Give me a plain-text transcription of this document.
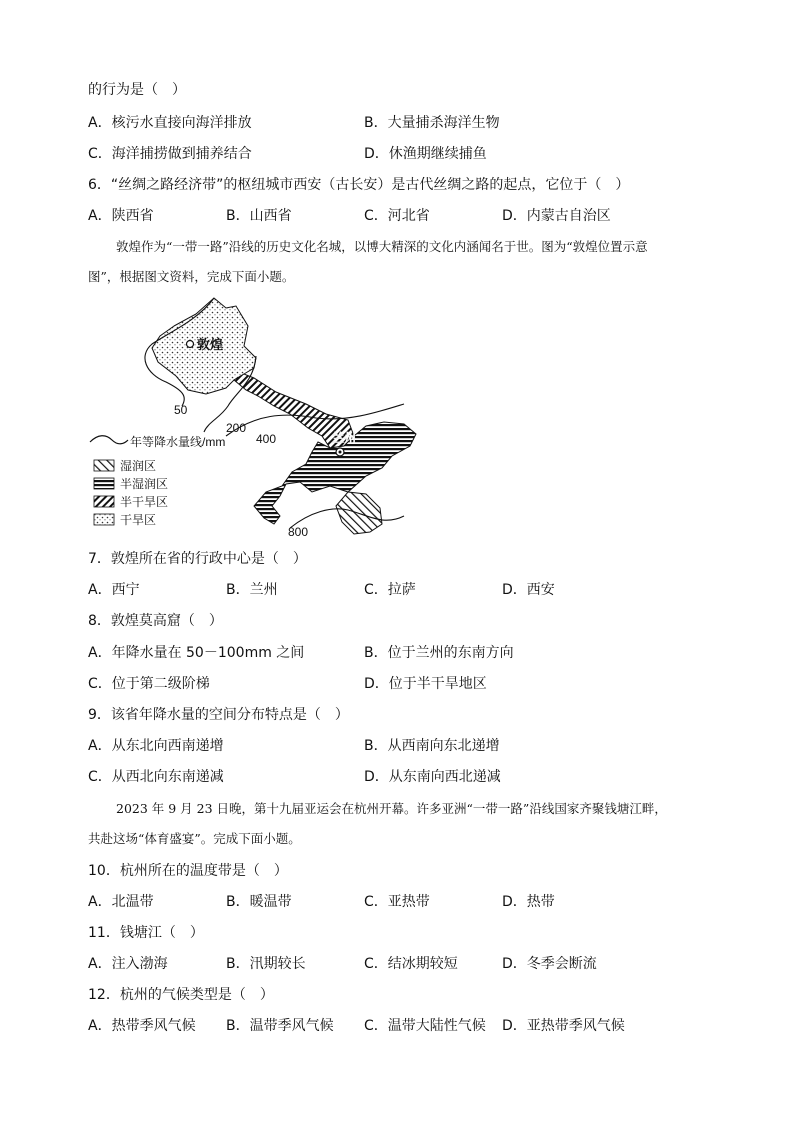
的行为是（　）
A．核污水直接向海洋排放	B．大量捕杀海洋生物
C．海洋捕捞做到捕养结合	D．休渔期继续捕鱼
6．“丝绸之路经济带”的枢纽城市西安（古长安）是古代丝绸之路的起点，它位于（　）
A．陕西省	B．山西省	C．河北省	D．内蒙古自治区
敦煌作为“一带一路”沿线的历史文化名城，以博大精深的文化内涵闻名于世。图为“敦煌位置示意
图”，根据图文资料，完成下面小题。
敦煌
兰州
50
200
400
800
年等降水量线/mm
湿润区
半湿润区
半干旱区
干旱区
7．敦煌所在省的行政中心是（　）
A．西宁	B．兰州	C．拉萨	D．西安
8．敦煌莫高窟（　）
A．年降水量在 50－100mm 之间	B．位于兰州的东南方向
C．位于第二级阶梯	D．位于半干旱地区
9．该省年降水量的空间分布特点是（　）
A．从东北向西南递增	B．从西南向东北递增
C．从西北向东南递减	D．从东南向西北递减
2023 年 9 月 23 日晚，第十九届亚运会在杭州开幕。许多亚洲“一带一路”沿线国家齐聚钱塘江畔，
共赴这场“体育盛宴”。完成下面小题。
10．杭州所在的温度带是（　）
A．北温带	B．暖温带	C．亚热带	D．热带
11．钱塘江（　）
A．注入渤海	B．汛期较长	C．结冰期较短	D．冬季会断流
12．杭州的气候类型是（　）
A．热带季风气候 B．温带季风气候 C．温带大陆性气候 D．亚热带季风气候
